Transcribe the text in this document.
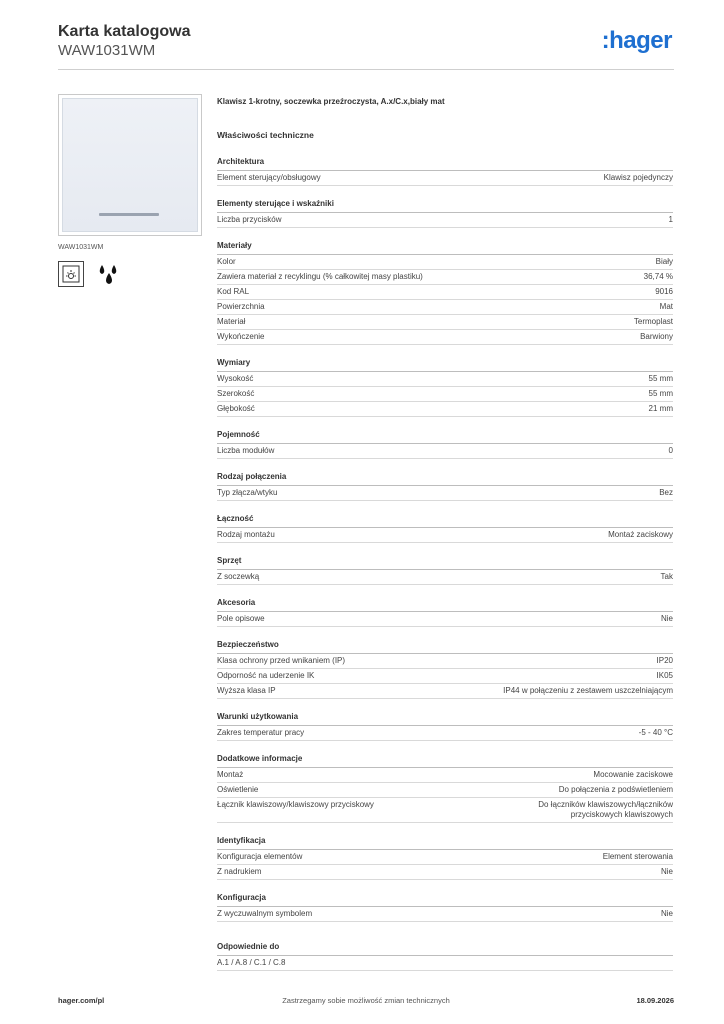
Karta katalogowa
WAW1031WM	:hager
WAW1031WM
Klawisz 1-krotny, soczewka przeźroczysta, A.x/C.x,biały mat
Właściwości techniczne
Architektura
Element sterujący/obsługowy	Klawisz pojedynczy
Elementy sterujące i wskaźniki
Liczba przycisków	1
Materiały
Kolor	Biały
Zawiera materiał z recyklingu (% całkowitej masy plastiku)	36,74 %
Kod RAL	9016
Powierzchnia	Mat
Materiał	Termoplast
Wykończenie	Barwiony
Wymiary
Wysokość	55 mm
Szerokość	55 mm
Głębokość	21 mm
Pojemność
Liczba modułów	0
Rodzaj połączenia
Typ złącza/wtyku	Bez
Łączność
Rodzaj montażu	Montaż zaciskowy
Sprzęt
Z soczewką	Tak
Akcesoria
Pole opisowe	Nie
Bezpieczeństwo
Klasa ochrony przed wnikaniem (IP)	IP20
Odporność na uderzenie IK	IK05
Wyższa klasa IP	IP44 w połączeniu z zestawem uszczelniającym
Warunki użytkowania
Zakres temperatur pracy	-5 - 40 °C
Dodatkowe informacje
Montaż	Mocowanie zaciskowe
Oświetlenie	Do połączenia z podświetleniem
Łącznik klawiszowy/klawiszowy przyciskowy	Do łączników klawiszowych/łączników przyciskowych klawiszowych
Identyfikacja
Konfiguracja elementów	Element sterowania
Z nadrukiem	Nie
Konfiguracja
Z wyczuwalnym symbolem	Nie
Odpowiednie do
A.1 / A.8 / C.1 / C.8
Zastrzegamy sobie możliwość zmian technicznych
hager.com/pl	18.09.2026
